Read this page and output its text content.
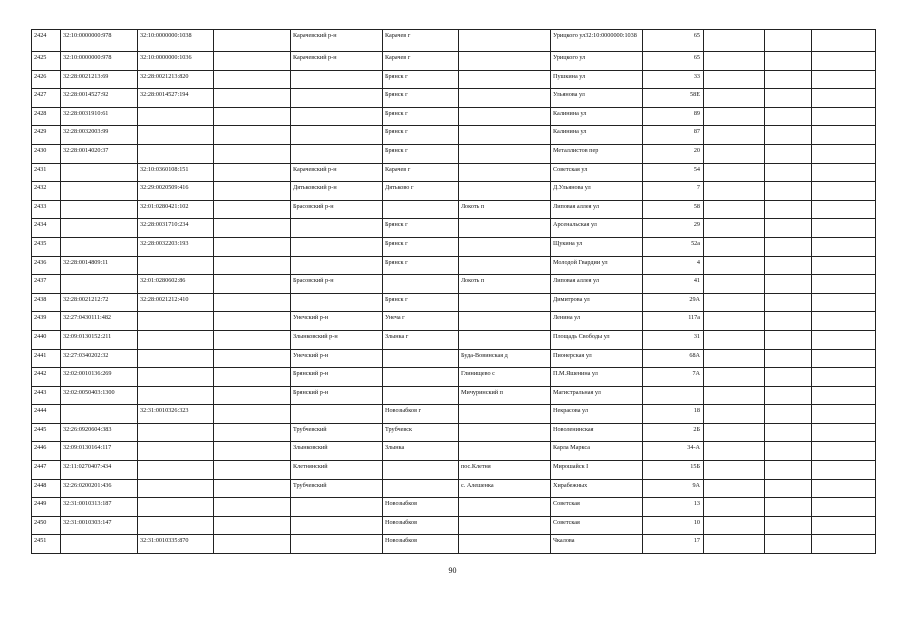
2424	32:10:0000000:978	32:10:0000000:1038		Карачевский р-н	Карачев г		Урицкого ул32:10:0000000:1038	65			
2425	32:10:0000000:978	32:10:0000000:1036		Карачевский р-н	Карачев г		Урицкого ул	65			
2426	32:28:0021213:69	32:28:0021213:820			Брянск г		Пушкина ул	33			
2427	32:28:0014527:92	32:28:0014527:194			Брянск г		Ульянова ул	58Е			
2428	32:28:0031910:61				Брянск г		Калинина ул	89			
2429	32:28:0032003:99				Брянск г		Калинина ул	87			
2430	32:28:0014020:37				Брянск г		Металлистов пер	20			
2431		32:10:0360108:151		Карачевский р-н	Карачев г		Советская ул	54			
2432		32:29:0020509:416		Дятьковский р-н	Дятьково г		Д.Ульянова ул	7			
2433		32:01:0280421:102		Брасовский р-н		Локоть п	Липовая аллея ул	58			
2434		32:28:0031710:234			Брянск г		Арсенальская ул	29			
2435		32:28:0032203:193			Брянск г		Щукина ул	52а			
2436	32:28:0014809:11				Брянск г		Молодой Гвардии ул	4			
2437		32:01:0280602:86		Брасовский р-н		Локоть п	Липовая аллея ул	41			
2438	32:28:0021212:72	32:28:0021212:410			Брянск г		Димитрова ул	29А			
2439	32:27:0430111:482			Унечский р-н	Унеча г		Ленина ул	117а			
2440	32:09:0130152:211			Злынковский р-н	Злынка г		Площадь Свободы ул	31			
2441	32:27:0340202:32			Унечский р-н		Буда-Вовинская д	Пионерская ул	68А			
2442	32:02:0010136:269			Брянский р-н		Глинищево с	П.М.Яшенина ул	7А			
2443	32:02:0050403:1300			Брянский р-н		Мичуринский п	Магистральная ул				
2444		32:31:0010326:323			Новозыбков г		Некрасова ул	18			
2445	32:26:0920604:383			Трубчевский	Трубчевск		Новоленинская	2Б			
2446	32:09:0130164:117			Злынковский	Злынка		Карла Маркса	34-А			
2447	32:11:0270407:434			Клетнянский		пос.Клетня	Мирошайск I	15Б			
2448	32:26:0200201:436			Трубчевский		с. Алешенка	Хирабежных	9А			
2449	32:31:0010313:187				Новозыбков		Советская	13			
2450	32:31:0010303:147				Новозыбков		Советская	10			
2451		32:31:0010335:870			Новозыбков		Чкалова	17			
90
